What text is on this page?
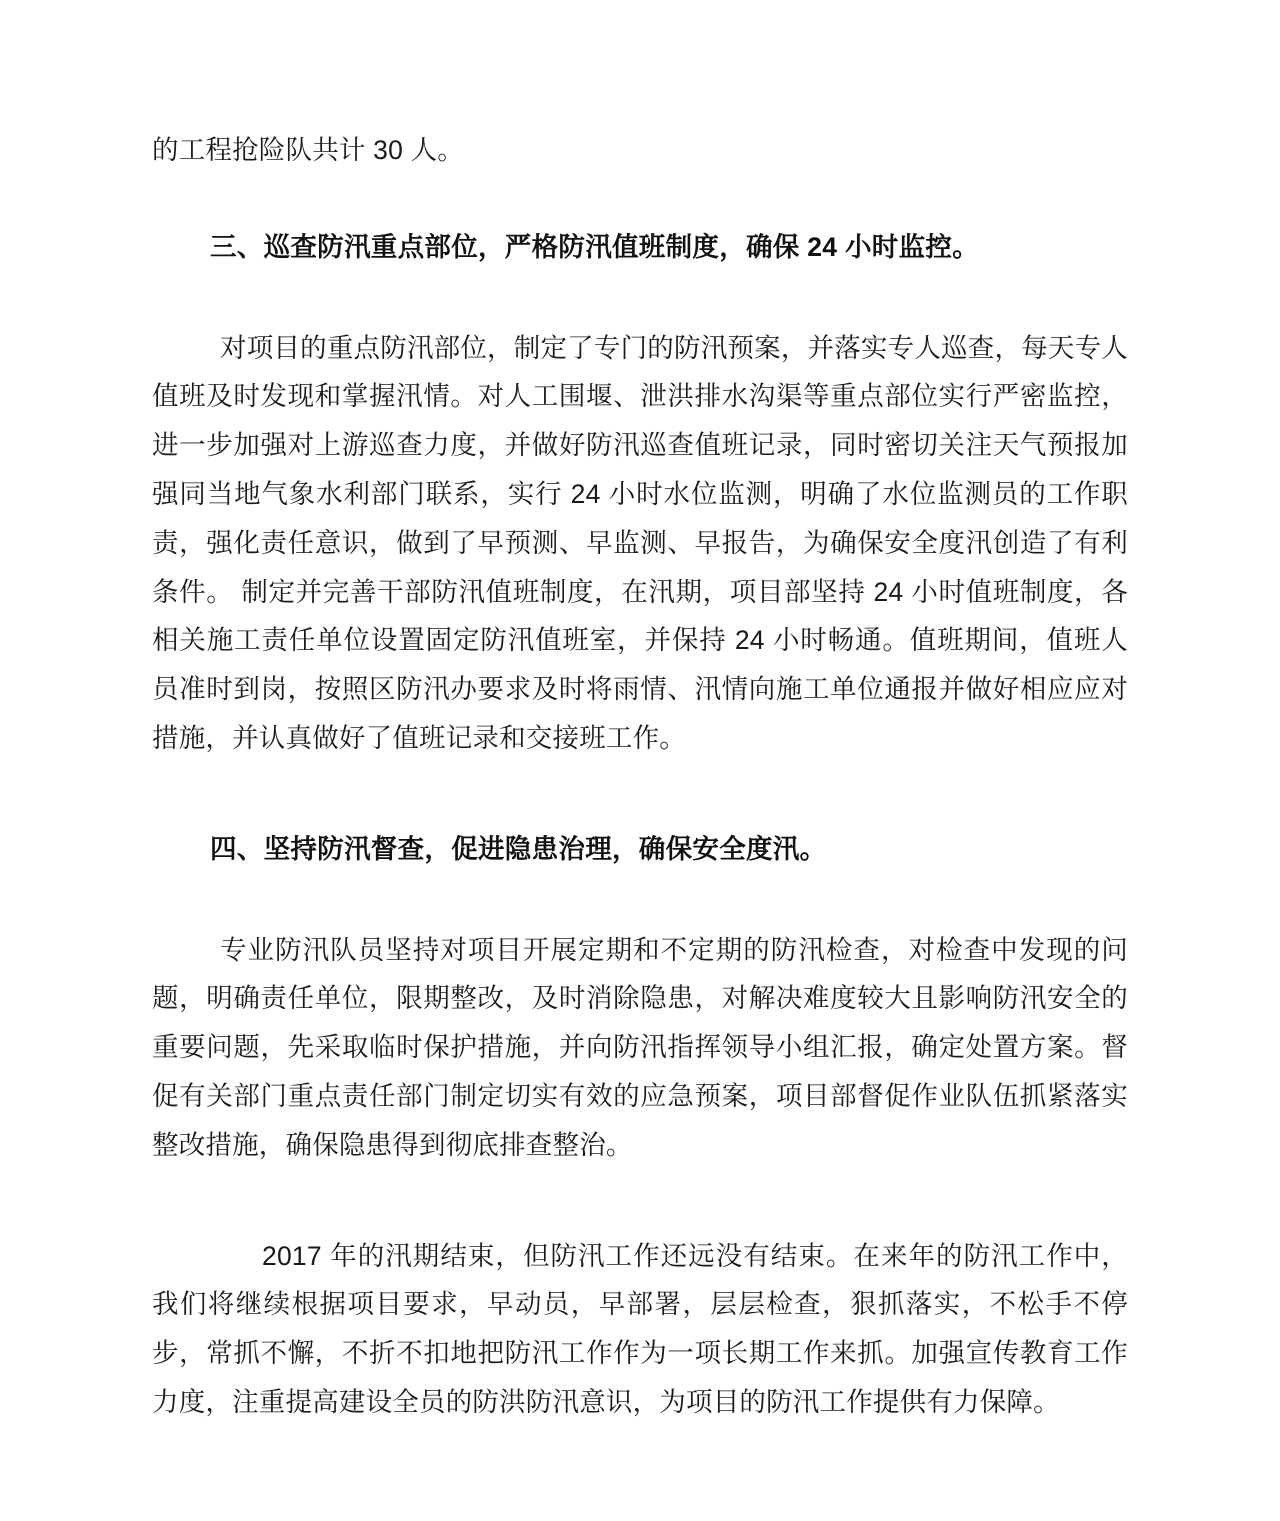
的工程抢险队共计 30 人。

三、巡查防汛重点部位，严格防汛值班制度，确保 24 小时监控。

对项目的重点防汛部位，制定了专门的防汛预案，并落实专人巡查，每天专人值班及时发现和掌握汛情。对人工围堰、泄洪排水沟渠等重点部位实行严密监控，进一步加强对上游巡查力度，并做好防汛巡查值班记录，同时密切关注天气预报加强同当地气象水利部门联系，实行 24 小时水位监测，明确了水位监测员的工作职责，强化责任意识，做到了早预测、早监测、早报告，为确保安全度汛创造了有利条件。 制定并完善干部防汛值班制度，在汛期，项目部坚持 24 小时值班制度，各相关施工责任单位设置固定防汛值班室，并保持 24 小时畅通。值班期间，值班人员准时到岗，按照区防汛办要求及时将雨情、汛情向施工单位通报并做好相应应对措施，并认真做好了值班记录和交接班工作。

四、坚持防汛督查，促进隐患治理，确保安全度汛。

专业防汛队员坚持对项目开展定期和不定期的防汛检查，对检查中发现的问题，明确责任单位，限期整改，及时消除隐患，对解决难度较大且影响防汛安全的重要问题，先采取临时保护措施，并向防汛指挥领导小组汇报，确定处置方案。督促有关部门重点责任部门制定切实有效的应急预案，项目部督促作业队伍抓紧落实整改措施，确保隐患得到彻底排查整治。

2017 年的汛期结束，但防汛工作还远没有结束。在来年的防汛工作中，我们将继续根据项目要求，早动员，早部署，层层检查，狠抓落实，不松手不停步，常抓不懈，不折不扣地把防汛工作作为一项长期工作来抓。加强宣传教育工作力度，注重提高建设全员的防洪防汛意识，为项目的防汛工作提供有力保障。
